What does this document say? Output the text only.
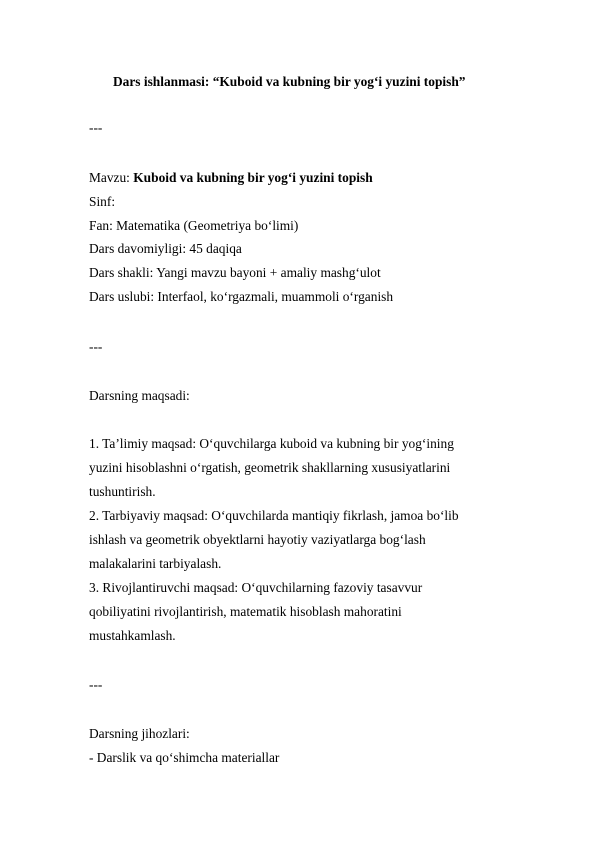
Dars ishlanmasi: “Kuboid va kubning bir yog‘i yuzini topish”
---
Mavzu: Kuboid va kubning bir yog‘i yuzini topish
Sinf:
Fan: Matematika (Geometriya bo‘limi)
Dars davomiyligi: 45 daqiqa
Dars shakli: Yangi mavzu bayoni + amaliy mashg‘ulot
Dars uslubi: Interfaol, ko‘rgazmali, muammoli o‘rganish
---
Darsning maqsadi:
1. Ta’limiy maqsad: O‘quvchilarga kuboid va kubning bir yog‘ining
yuzini hisoblashni o‘rgatish, geometrik shakllarning xususiyatlarini
tushuntirish.
2. Tarbiyaviy maqsad: O‘quvchilarda mantiqiy fikrlash, jamoa bo‘lib
ishlash va geometrik obyektlarni hayotiy vaziyatlarga bog‘lash
malakalarini tarbiyalash.
3. Rivojlantiruvchi maqsad: O‘quvchilarning fazoviy tasavvur
qobiliyatini rivojlantirish, matematik hisoblash mahoratini
mustahkamlash.
---
Darsning jihozlari:
- Darslik va qo‘shimcha materiallar
